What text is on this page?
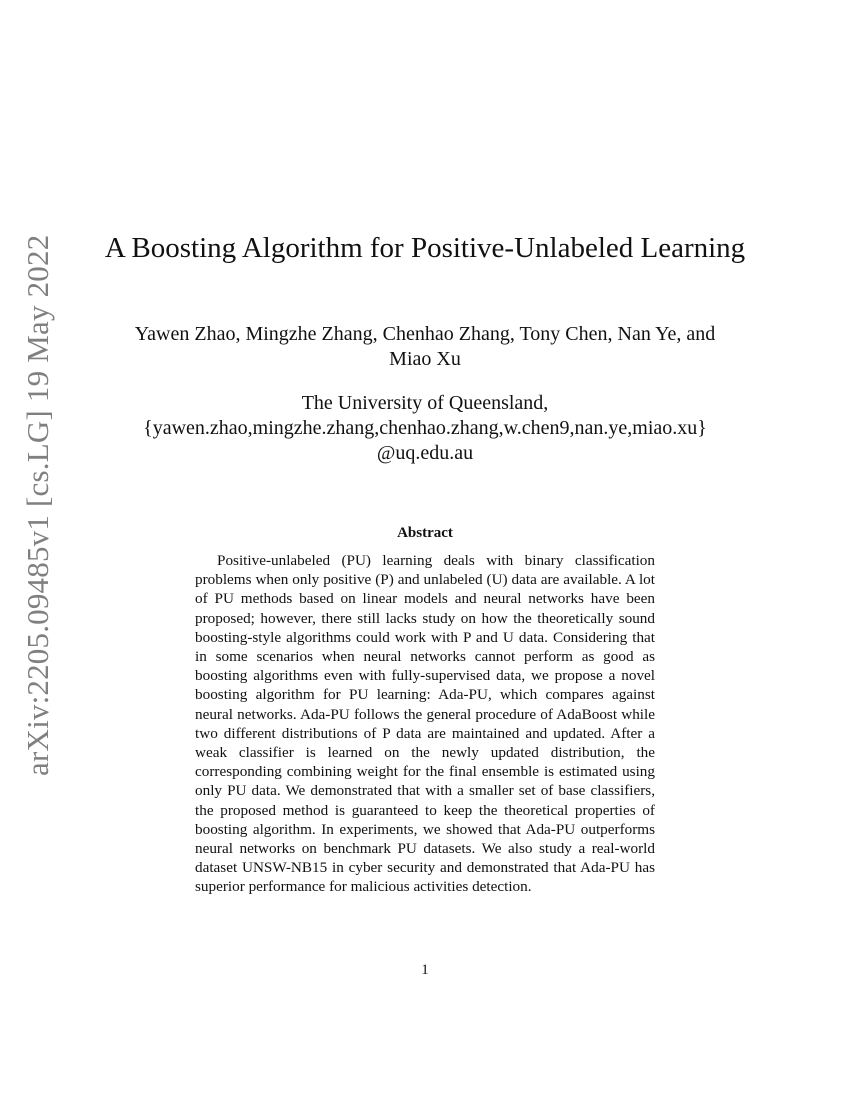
arXiv:2205.09485v1 [cs.LG] 19 May 2022 A Boosting Algorithm for Positive-Unlabeled Learning
Yawen Zhao, Mingzhe Zhang, Chenhao Zhang, Tony Chen, Nan Ye, and Miao Xu
The University of Queensland,
{yawen.zhao,mingzhe.zhang,chenhao.zhang,w.chen9,nan.ye,miao.xu}
@uq.edu.au
Abstract

Positive-unlabeled (PU) learning deals with binary classification problems when only positive (P) and unlabeled (U) data are available. A lot of PU methods based on linear models and neural networks have been proposed; however, there still lacks study on how the theoretically sound boosting-style algorithms could work with P and U data. Considering that in some scenarios when neural networks cannot perform as good as boosting algorithms even with fully-supervised data, we propose a novel boosting algorithm for PU learning: Ada-PU, which compares against neural networks. Ada-PU follows the general procedure of AdaBoost while two different distributions of P data are maintained and updated. After a weak classifier is learned on the newly updated distribution, the corresponding combining weight for the final ensemble is estimated using only PU data. We demonstrated that with a smaller set of base classifiers, the proposed method is guaranteed to keep the theoretical properties of boosting algorithm. In experiments, we showed that Ada-PU outperforms neural networks on benchmark PU datasets. We also study a real-world dataset UNSW-NB15 in cyber security and demonstrated that Ada-PU has superior performance for malicious activities detection.

1
